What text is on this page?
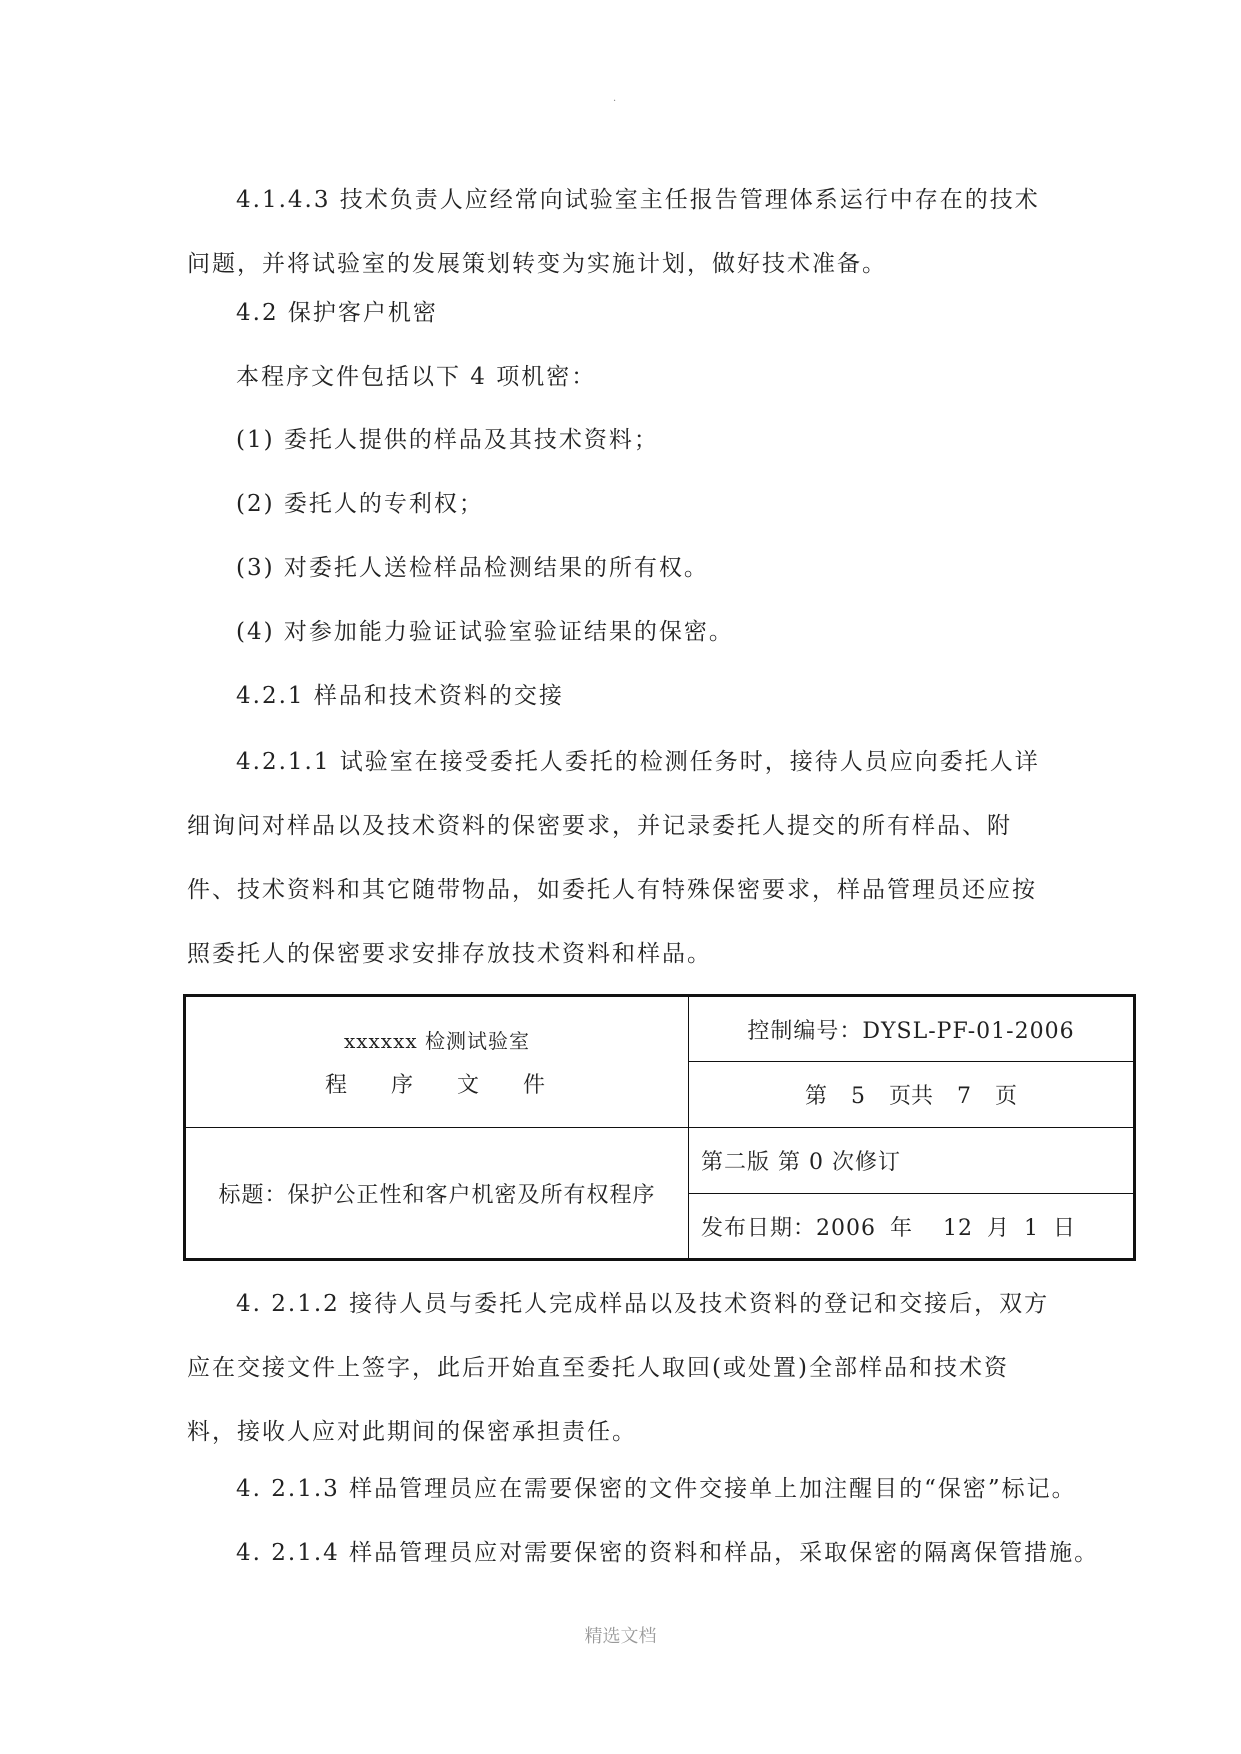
·

4.1.4.3 技术负责人应经常向试验室主任报告管理体系运行中存在的技术问题，并将试验室的发展策划转变为实施计划，做好技术准备。

4.2 保护客户机密

本程序文件包括以下 4 项机密：

(1) 委托人提供的样品及其技术资料；

(2) 委托人的专利权；

(3) 对委托人送检样品检测结果的所有权。

(4) 对参加能力验证试验室验证结果的保密。

4.2.1 样品和技术资料的交接

4.2.1.1 试验室在接受委托人委托的检测任务时，接待人员应向委托人详细询问对样品以及技术资料的保密要求，并记录委托人提交的所有样品、附件、技术资料和其它随带物品，如委托人有特殊保密要求，样品管理员还应按照委托人的保密要求安排存放技术资料和样品。

xxxxxx 检测试验室
程序文件	控制编号：DYSL-PF-01-2006
	第 5 页共 7 页
标题：保护公正性和客户机密及所有权程序	第二版 第 0 次修订
	发布日期：2006 年 12 月 1 日

4. 2.1.2 接待人员与委托人完成样品以及技术资料的登记和交接后，双方应在交接文件上签字，此后开始直至委托人取回(或处置)全部样品和技术资料，接收人应对此期间的保密承担责任。

4. 2.1.3 样品管理员应在需要保密的文件交接单上加注醒目的“保密”标记。

4. 2.1.4 样品管理员应对需要保密的资料和样品，采取保密的隔离保管措施。

精选文档
